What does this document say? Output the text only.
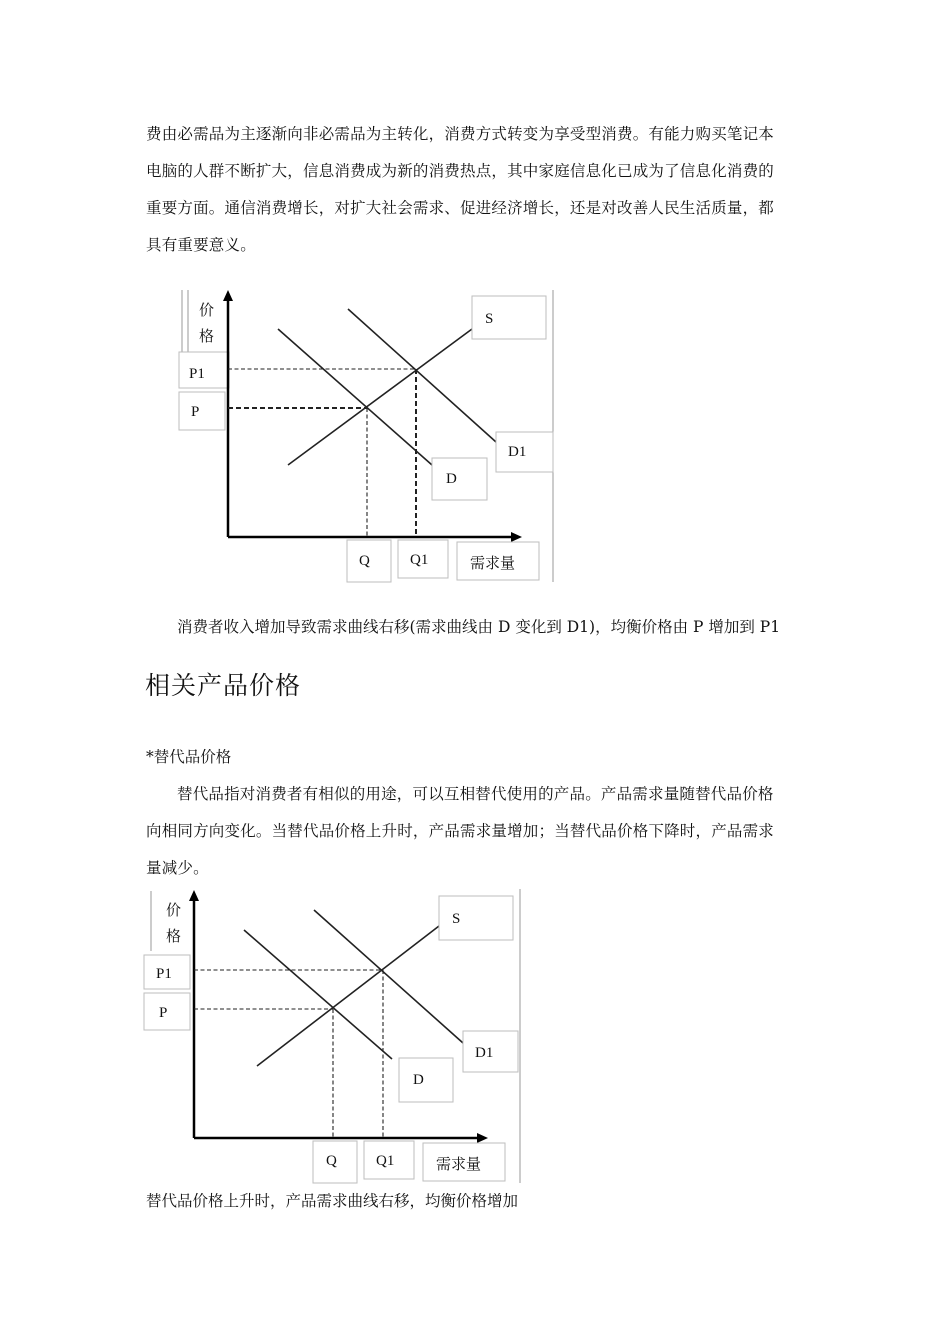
费由必需品为主逐渐向非必需品为主转化，消费方式转变为享受型消费。有能力购买笔记本
电脑的人群不断扩大，信息消费成为新的消费热点，其中家庭信息化已成为了信息化消费的
重要方面。通信消费增长，对扩大社会需求、促进经济增长，还是对改善人民生活质量，都
具有重要意义。
价
格
P1
P
S
D1
D
Q	Q1	需求量

消费者收入增加导致需求曲线右移(需求曲线由 D 变化到 D1)，均衡价格由 P 增加到 P1

相关产品价格

*替代品价格

替代品指对消费者有相似的用途，可以互相替代使用的产品。产品需求量随替代品价格
向相同方向变化。当替代品价格上升时，产品需求量增加；当替代品价格下降时，产品需求
量减少。
价
格
P1
P
S
D1
D
Q	Q1	需求量

替代品价格上升时，产品需求曲线右移，均衡价格增加
